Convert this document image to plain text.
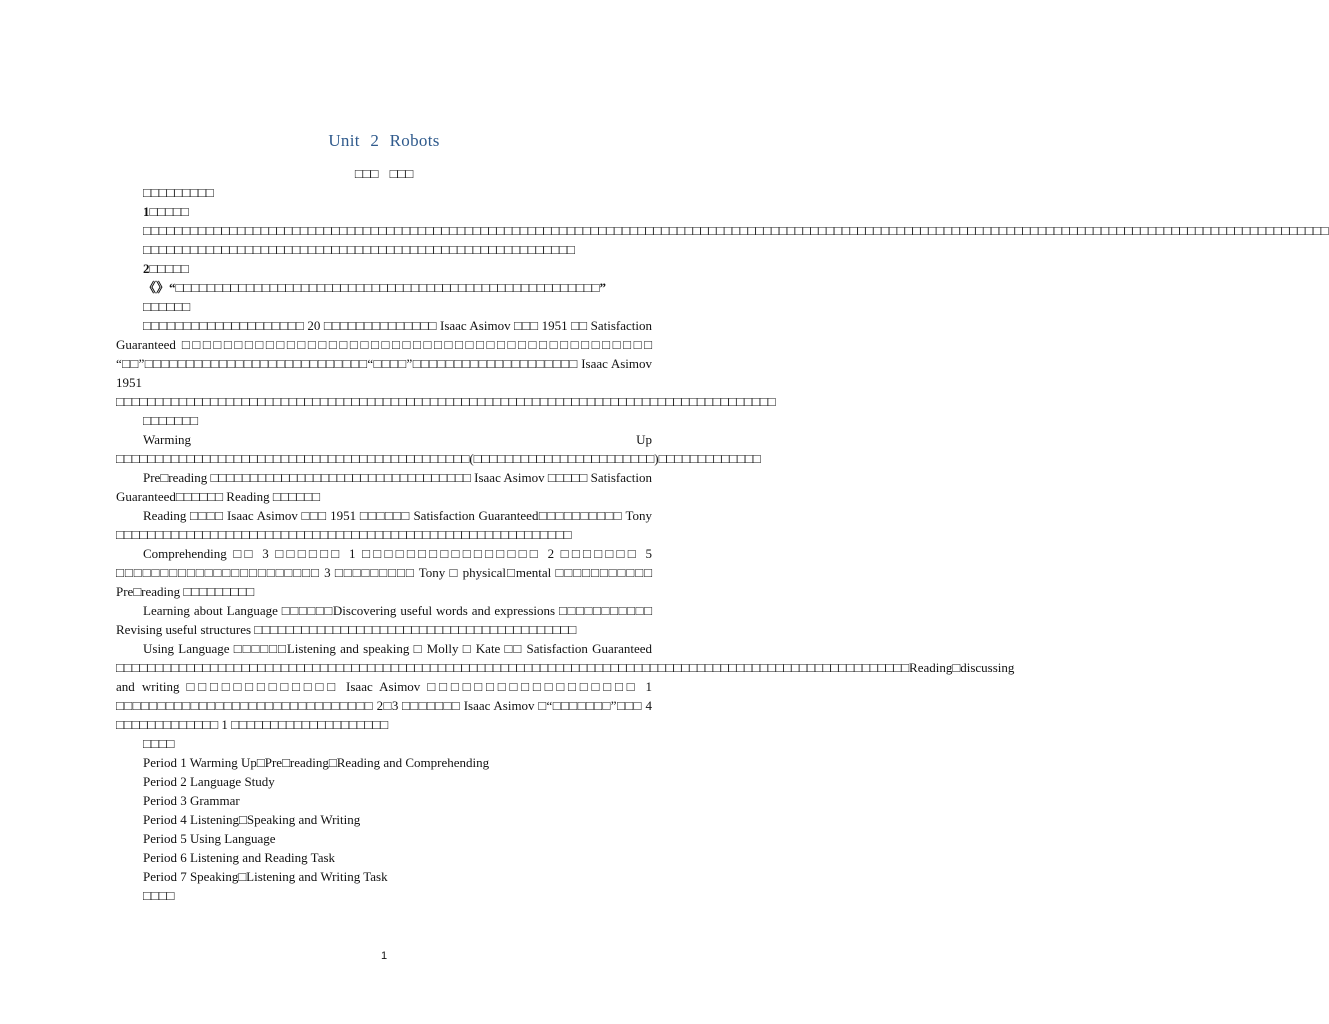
Unit 2 Robots
□□□ □□□

□□□□□□□□□

1□□□□□

□□□□□□□□□□□□□□□□□□□□□□□□□□□□□□□□□□□□□□□□□□□□□□□□□□□□□□□□□□□□□□□□□□□□□□□□□□□□□□□□□□□□□□□□□□□□□□□□□□□□□□□□□□□□□□□□□□□□□□□□□□□□□□□□□□□□□□□□□□□□□□□□□□□□□□□

□□□□□□□□□□□□□□□□□□□□□□□□□□□□□□□□□□□□□□□□□□□□□□□□□□□□□□□

2□□□□□

《》“□□□□□□□□□□□□□□□□□□□□□□□□□□□□□□□□□□□□□□□□□□□□□□□□□□□□□□”

□□□□□□

□□□□□□□□□□□□□□□□□□□□ 20 □□□□□□□□□□□□□□ Isaac Asimov □□□ 1951 □□ Satisfaction Guaranteed □□□□□□□□□□□□□□□□□□□□□□□□□□□□□□□□□□□□□□□□□□□□□ “□□”□□□□□□□□□□□□□□□□□□□□□□□□□□□“□□□□”□□□□□□□□□□□□□□□□□□□□ Isaac Asimov 1951 □□□□□□□□□□□□□□□□□□□□□□□□□□□□□□□□□□□□□□□□□□□□□□□□□□□□□□□□□□□□□□□□□□□□□□□□□□□□□□□□□□□□

□□□□□□□

Warming Up □□□□□□□□□□□□□□□□□□□□□□□□□□□□□□□□□□□□□□□□□□□□□(□□□□□□□□□□□□□□□□□□□□□□□)□□□□□□□□□□□□□

Pre□reading □□□□□□□□□□□□□□□□□□□□□□□□□□□□□□□□□ Isaac Asimov □□□□□ Satisfaction Guaranteed□□□□□□ Reading □□□□□□

Reading □□□□ Isaac Asimov □□□ 1951 □□□□□□ Satisfaction Guaranteed□□□□□□□□□□ Tony □□□□□□□□□□□□□□□□□□□□□□□□□□□□□□□□□□□□□□□□□□□□□□□□□□□□□□□□□□

Comprehending □□ 3 □□□□□□ 1 □□□□□□□□□□□□□□□□ 2 □□□□□□□ 5 □□□□□□□□□□□□□□□□□□□□□□□ 3 □□□□□□□□□ Tony □ physical□mental □□□□□□□□□□□ Pre□reading □□□□□□□□□

Learning about Language □□□□□□Discovering useful words and expressions □□□□□□□□□□□ Revising useful structures □□□□□□□□□□□□□□□□□□□□□□□□□□□□□□□□□□□□□□□□□

Using Language □□□□□□Listening and speaking □ Molly □ Kate □□ Satisfaction Guaranteed □□□□□□□□□□□□□□□□□□□□□□□□□□□□□□□□□□□□□□□□□□□□□□□□□□□□□□□□□□□□□□□□□□□□□□□□□□□□□□□□□□□□□□□□□□□□□□□□□□□□□Reading□discussing and writing □□□□□□□□□□□□□ Isaac Asimov □□□□□□□□□□□□□□□□□□ 1 □□□□□□□□□□□□□□□□□□□□□□□□□□□□□□□ 2□3 □□□□□□□ Isaac Asimov □“□□□□□□□”□□□ 4 □□□□□□□□□□□□□ 1 □□□□□□□□□□□□□□□□□□□□

□□□□

Period 1 Warming Up□Pre□reading□Reading and Comprehending

Period 2 Language Study

Period 3 Grammar

Period 4 Listening□Speaking and Writing

Period 5 Using Language

Period 6 Listening and Reading Task

Period 7 Speaking□Listening and Writing Task

□□□□

1
